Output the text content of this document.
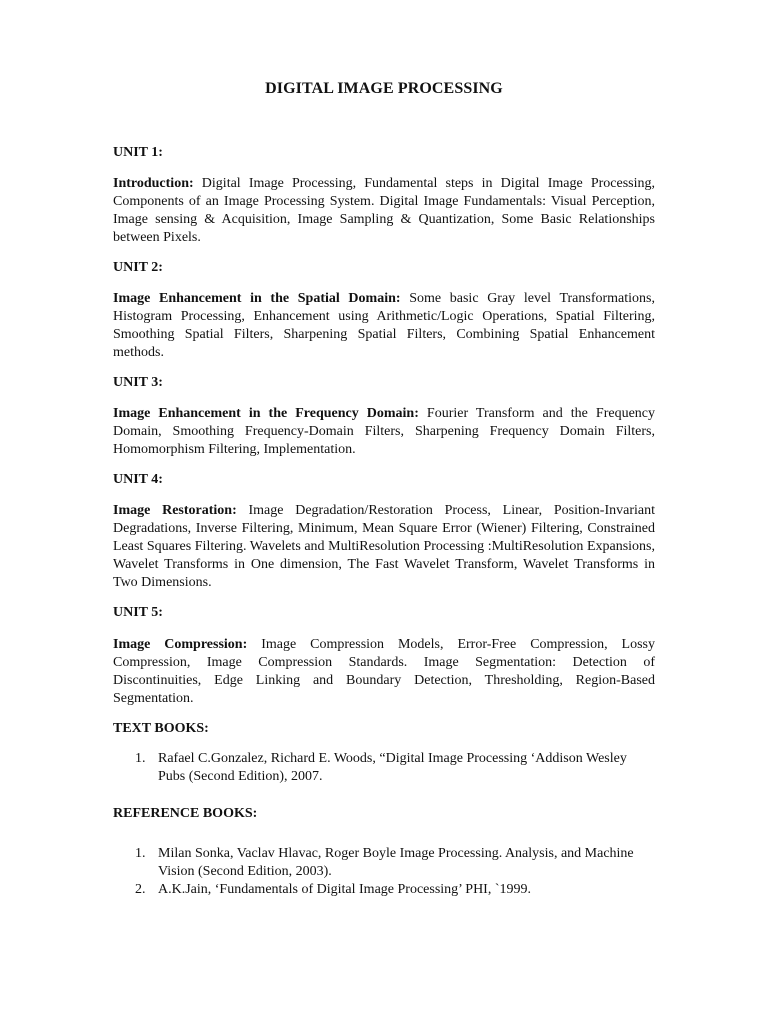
DIGITAL IMAGE PROCESSING
UNIT 1:
Introduction: Digital Image Processing, Fundamental steps in Digital Image Processing, Components of an Image Processing System. Digital Image Fundamentals: Visual Perception, Image sensing & Acquisition, Image Sampling & Quantization, Some Basic Relationships between Pixels.
UNIT 2:
Image Enhancement in the Spatial Domain: Some basic Gray level Transformations, Histogram Processing, Enhancement using Arithmetic/Logic Operations, Spatial Filtering, Smoothing Spatial Filters, Sharpening Spatial Filters, Combining Spatial Enhancement methods.
UNIT 3:
Image Enhancement in the Frequency Domain: Fourier Transform and the Frequency Domain, Smoothing Frequency-Domain Filters, Sharpening Frequency Domain Filters, Homomorphism Filtering, Implementation.
UNIT 4:
Image Restoration: Image Degradation/Restoration Process, Linear, Position-Invariant Degradations, Inverse Filtering, Minimum, Mean Square Error (Wiener) Filtering, Constrained Least Squares Filtering. Wavelets and MultiResolution Processing :MultiResolution Expansions, Wavelet Transforms in One dimension, The Fast Wavelet Transform, Wavelet Transforms in Two Dimensions.
UNIT 5:
Image Compression: Image Compression Models, Error-Free Compression, Lossy Compression, Image Compression Standards. Image Segmentation: Detection of Discontinuities, Edge Linking and Boundary Detection, Thresholding, Region-Based Segmentation.
TEXT BOOKS:
1. Rafael C.Gonzalez, Richard E. Woods, “Digital Image Processing ‘Addison Wesley Pubs (Second Edition), 2007.
REFERENCE BOOKS:
1. Milan Sonka, Vaclav Hlavac, Roger Boyle Image Processing. Analysis, and Machine Vision (Second Edition, 2003).
2. A.K.Jain, ‘Fundamentals of Digital Image Processing’ PHI, `1999.
